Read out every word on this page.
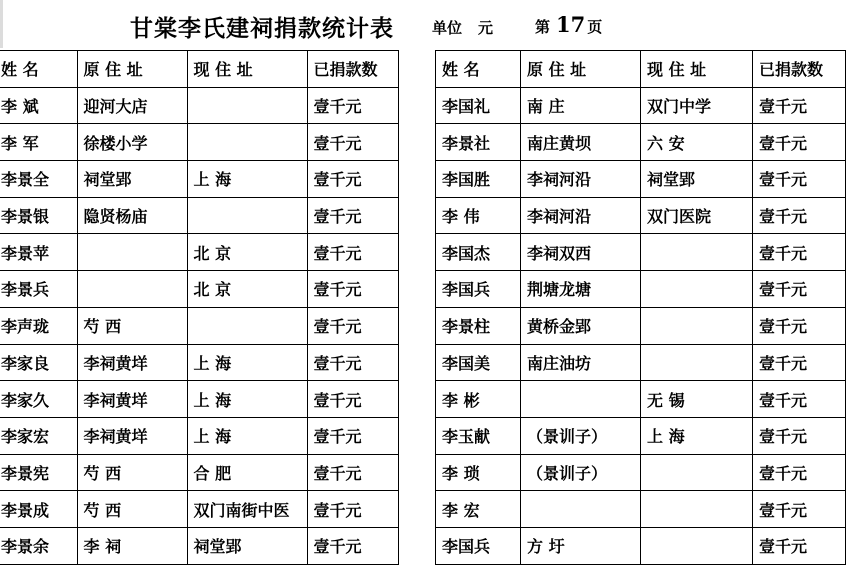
甘棠李氏建祠捐款统计表	单位 元	第 17 页
姓 名	原 住 址	现 住 址	已捐款数
李 斌	迎河大店		壹千元
李 军	徐楼小学		壹千元
李景全	祠堂郢	上 海	壹千元
李景银	隐贤杨庙		壹千元
李景苹		北 京	壹千元
李景兵		北 京	壹千元
李声珑	芍 西		壹千元
李家良	李祠黄垟	上 海	壹千元
李家久	李祠黄垟	上 海	壹千元
李家宏	李祠黄垟	上 海	壹千元
李景宪	芍 西	合 肥	壹千元
李景成	芍 西	双门南街中医	壹千元
李景余	李 祠	祠堂郢	壹千元
姓 名	原 住 址	现 住 址	已捐款数
李国礼	南 庄	双门中学	壹千元
李景社	南庄黄坝	六 安	壹千元
李国胜	李祠河沿	祠堂郢	壹千元
李 伟	李祠河沿	双门医院	壹千元
李国杰	李祠双西		壹千元
李国兵	荆塘龙塘		壹千元
李景柱	黄桥金郢		壹千元
李国美	南庄油坊		壹千元
李 彬		无 锡	壹千元
李玉献	（景训子）	上 海	壹千元
李 琐	（景训子）		壹千元
李 宏			壹千元
李国兵	方 圩		壹千元
